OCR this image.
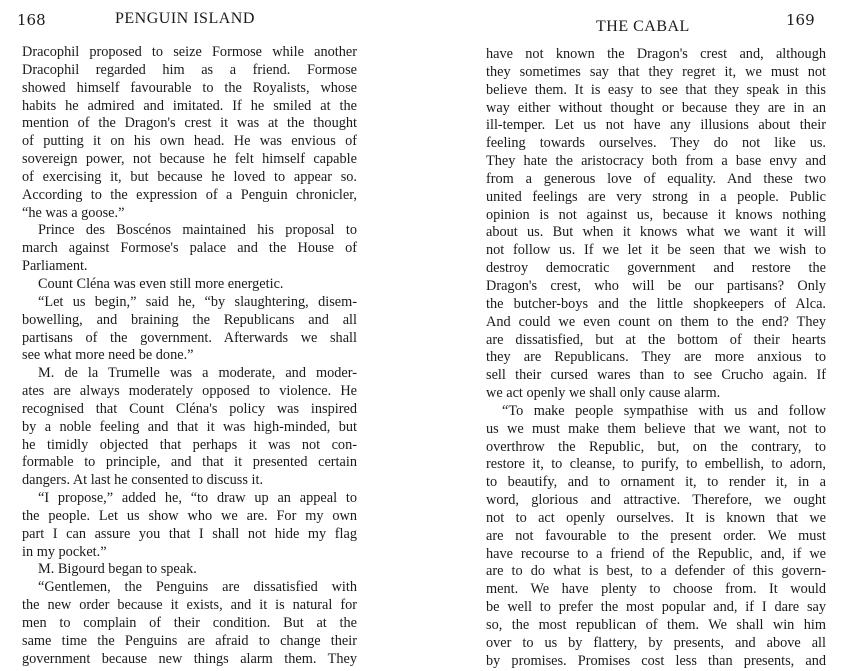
168	PENGUIN ISLAND

Dracophil proposed to seize Formose while another
Dracophil regarded him as a friend. Formose
showed himself favourable to the Royalists, whose
habits he admired and imitated. If he smiled at the
mention of the Dragon's crest it was at the thought
of putting it on his own head. He was envious of
sovereign power, not because he felt himself capable
of exercising it, but because he loved to appear so.
According to the expression of a Penguin chronicler,
“he was a goose.”

Prince des Boscénos maintained his proposal to
march against Formose's palace and the House of
Parliament.

Count Cléna was even still more energetic.

“Let us begin,” said he, “by slaughtering, disem-
bowelling, and braining the Republicans and all
partisans of the government. Afterwards we shall
see what more need be done.”

M. de la Trumelle was a moderate, and moder-
ates are always moderately opposed to violence. He
recognised that Count Cléna's policy was inspired
by a noble feeling and that it was high-minded, but
he timidly objected that perhaps it was not con-
formable to principle, and that it presented certain
dangers. At last he consented to discuss it.

“I propose,” added he, “to draw up an appeal to
the people. Let us show who we are. For my own
part I can assure you that I shall not hide my flag
in my pocket.”

M. Bigourd began to speak.

“Gentlemen, the Penguins are dissatisfied with
the new order because it exists, and it is natural for
men to complain of their condition. But at the
same time the Penguins are afraid to change their
government because new things alarm them. They

THE CABAL	169

have not known the Dragon's crest and, although
they sometimes say that they regret it, we must not
believe them. It is easy to see that they speak in this
way either without thought or because they are in an
ill-temper. Let us not have any illusions about their
feeling towards ourselves. They do not like us.
They hate the aristocracy both from a base envy and
from a generous love of equality. And these two
united feelings are very strong in a people. Public
opinion is not against us, because it knows nothing
about us. But when it knows what we want it will
not follow us. If we let it be seen that we wish to
destroy democratic government and restore the
Dragon's crest, who will be our partisans? Only
the butcher-boys and the little shopkeepers of Alca.
And could we even count on them to the end? They
are dissatisfied, but at the bottom of their hearts
they are Republicans. They are more anxious to
sell their cursed wares than to see Crucho again. If
we act openly we shall only cause alarm.

“To make people sympathise with us and follow
us we must make them believe that we want, not to
overthrow the Republic, but, on the contrary, to
restore it, to cleanse, to purify, to embellish, to adorn,
to beautify, and to ornament it, to render it, in a
word, glorious and attractive. Therefore, we ought
not to act openly ourselves. It is known that we
are not favourable to the present order. We must
have recourse to a friend of the Republic, and, if we
are to do what is best, to a defender of this govern-
ment. We have plenty to choose from. It would
be well to prefer the most popular and, if I dare say
so, the most republican of them. We shall win him
over to us by flattery, by presents, and above all
by promises. Promises cost less than presents, and
